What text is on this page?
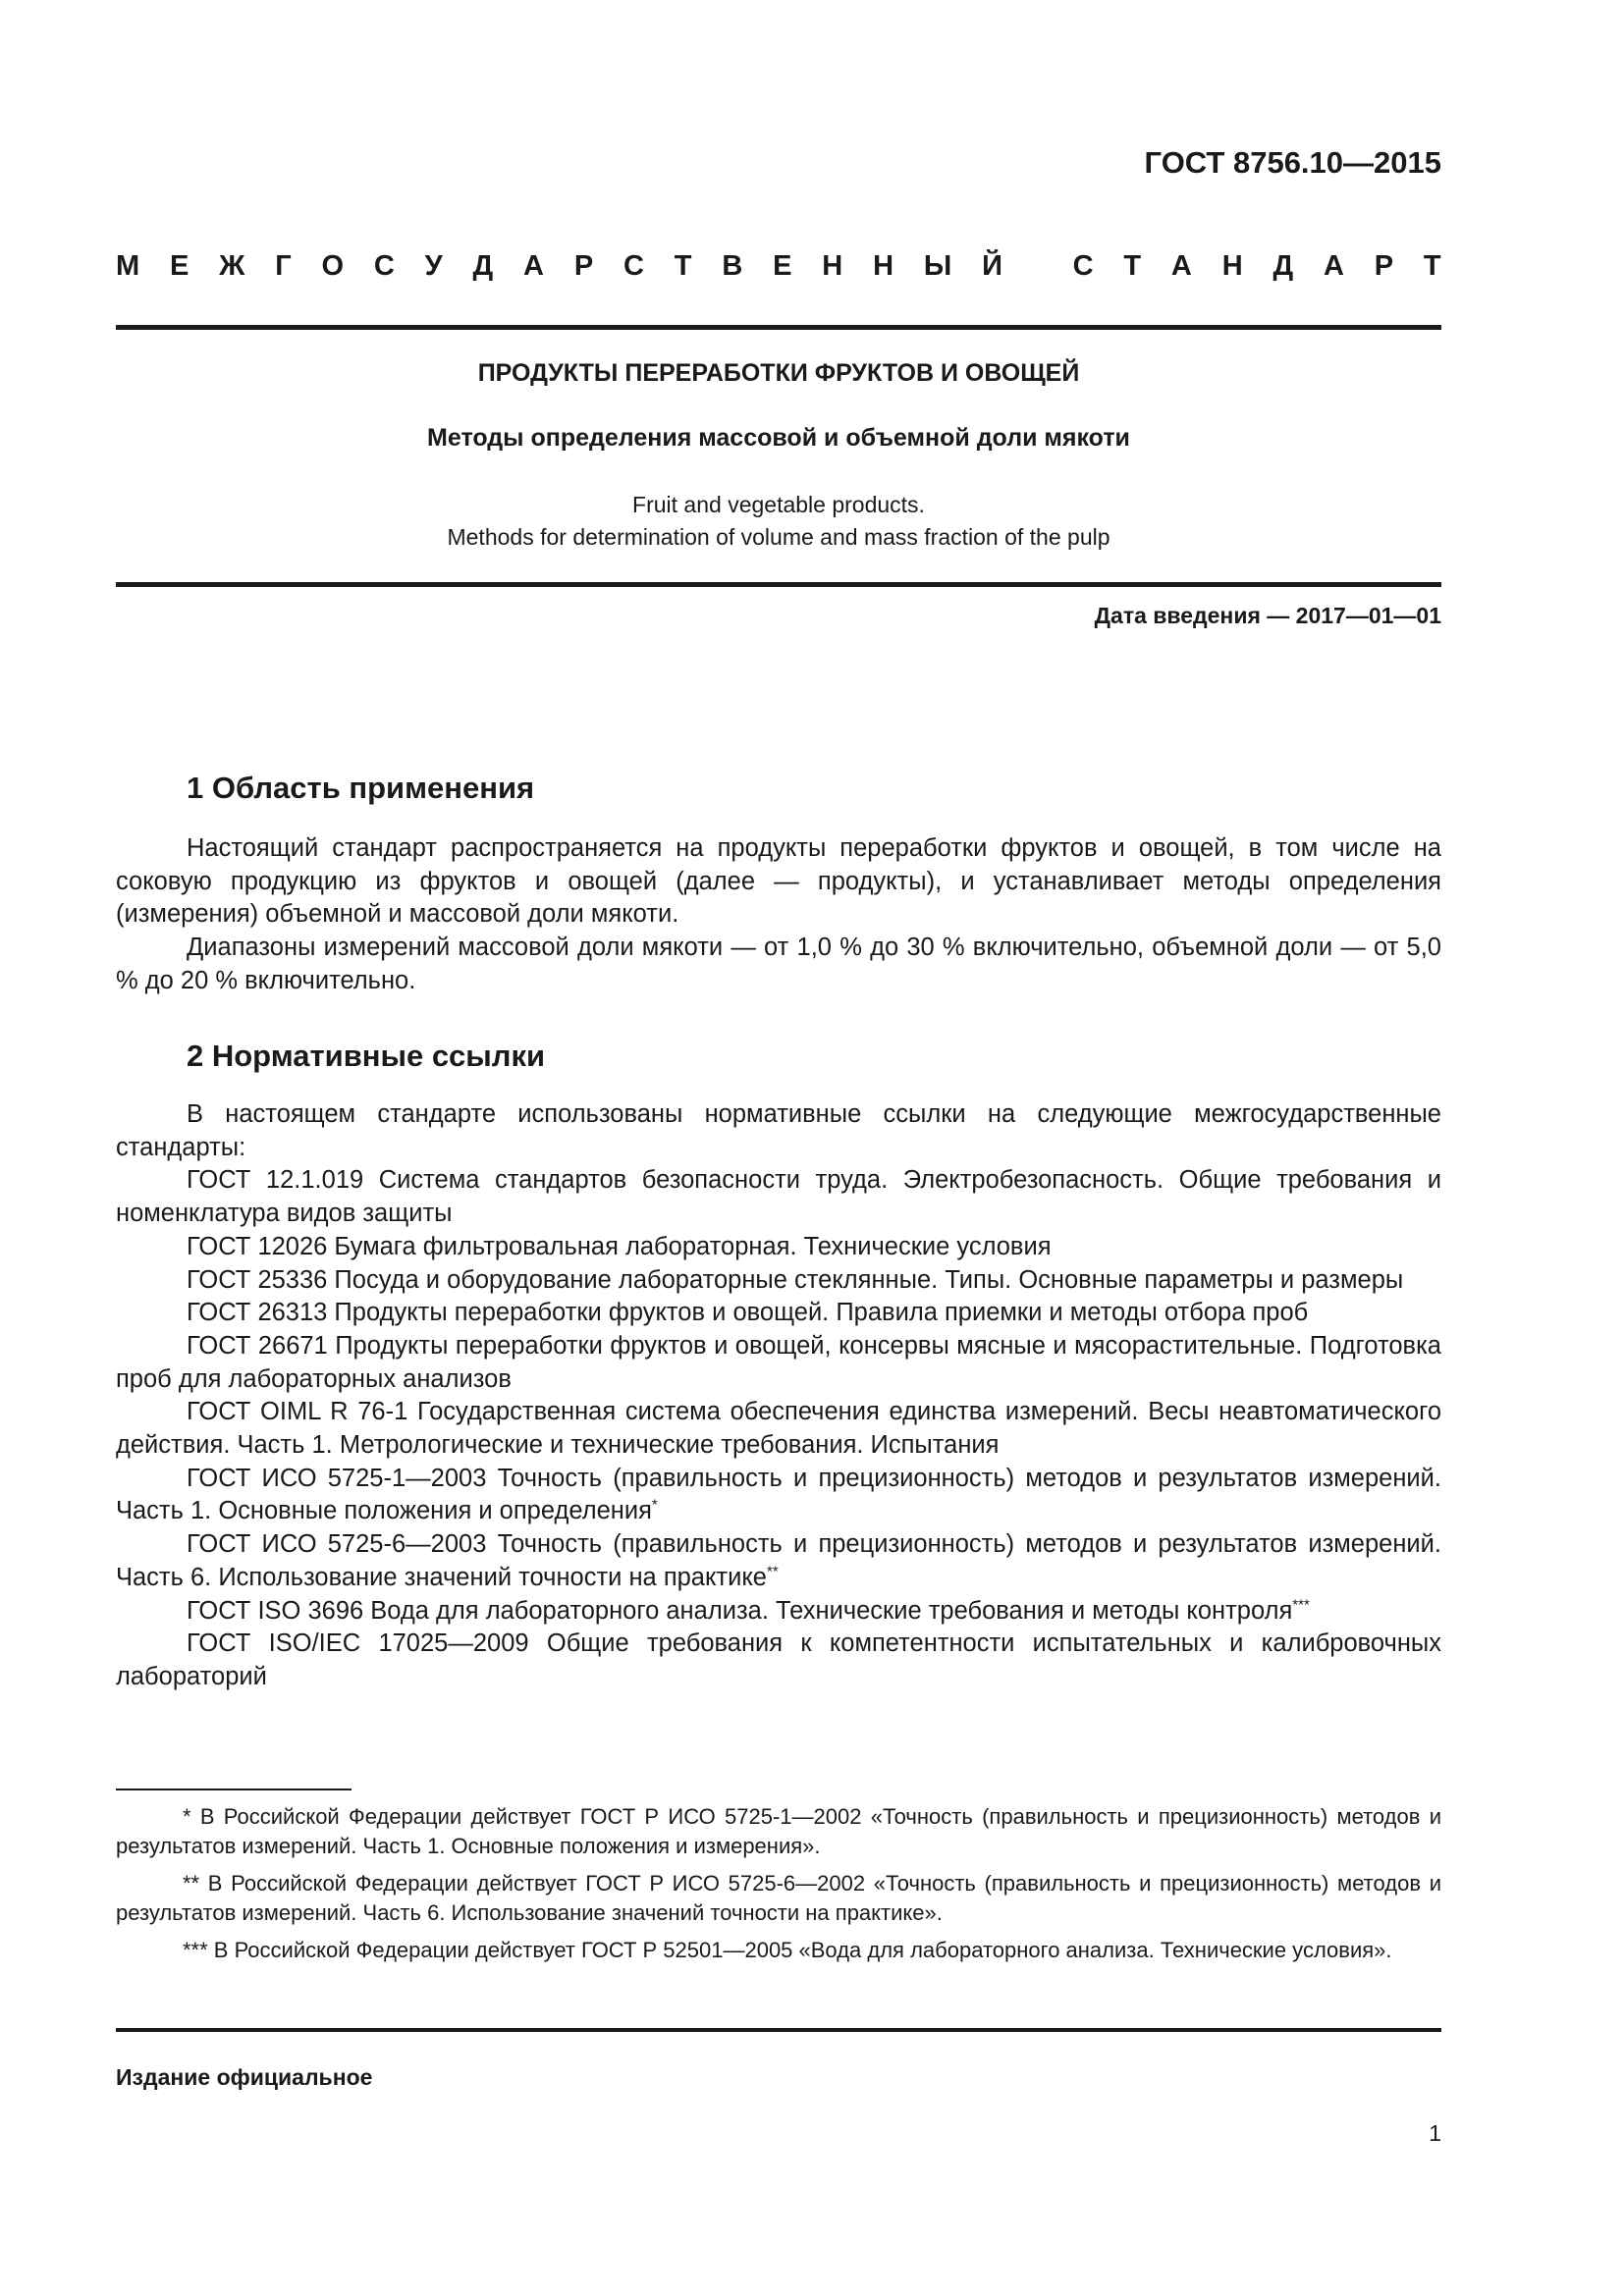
ГОСТ 8756.10—2015
М Е Ж Г О С У Д А Р С Т В Е Н Н Ы Й С Т А Н Д А Р Т
ПРОДУКТЫ ПЕРЕРАБОТКИ ФРУКТОВ И ОВОЩЕЙ
Методы определения массовой и объемной доли мякоти
Fruit and vegetable products.
Methods for determination of volume and mass fraction of the pulp
Дата введения — 2017—01—01
1 Область применения

Настоящий стандарт распространяется на продукты переработки фруктов и овощей, в том числе на соковую продукцию из фруктов и овощей (далее — продукты), и устанавливает методы определения (измерения) объемной и массовой доли мякоти.

Диапазоны измерений массовой доли мякоти — от 1,0 % до 30 % включительно, объемной доли — от 5,0 % до 20 % включительно.

2 Нормативные ссылки

В настоящем стандарте использованы нормативные ссылки на следующие межгосударственные стандарты:

ГОСТ 12.1.019 Система стандартов безопасности труда. Электробезопасность. Общие требования и номенклатура видов защиты

ГОСТ 12026 Бумага фильтровальная лабораторная. Технические условия

ГОСТ 25336 Посуда и оборудование лабораторные стеклянные. Типы. Основные параметры и размеры

ГОСТ 26313 Продукты переработки фруктов и овощей. Правила приемки и методы отбора проб

ГОСТ 26671 Продукты переработки фруктов и овощей, консервы мясные и мясорастительные. Подготовка проб для лабораторных анализов

ГОСТ OIML R 76-1 Государственная система обеспечения единства измерений. Весы неавтоматического действия. Часть 1. Метрологические и технические требования. Испытания

ГОСТ ИСО 5725-1—2003 Точность (правильность и прецизионность) методов и результатов измерений. Часть 1. Основные положения и определения*

ГОСТ ИСО 5725-6—2003 Точность (правильность и прецизионность) методов и результатов измерений. Часть 6. Использование значений точности на практике**

ГОСТ ISO 3696 Вода для лабораторного анализа. Технические требования и методы контроля***

ГОСТ ISO/IEC 17025—2009 Общие требования к компетентности испытательных и калибровочных лабораторий

* В Российской Федерации действует ГОСТ Р ИСО 5725-1—2002 «Точность (правильность и прецизионность) методов и результатов измерений. Часть 1. Основные положения и измерения».

** В Российской Федерации действует ГОСТ Р ИСО 5725-6—2002 «Точность (правильность и прецизионность) методов и результатов измерений. Часть 6. Использование значений точности на практике».

*** В Российской Федерации действует ГОСТ Р 52501—2005 «Вода для лабораторного анализа. Технические условия».

Издание официальное
1
